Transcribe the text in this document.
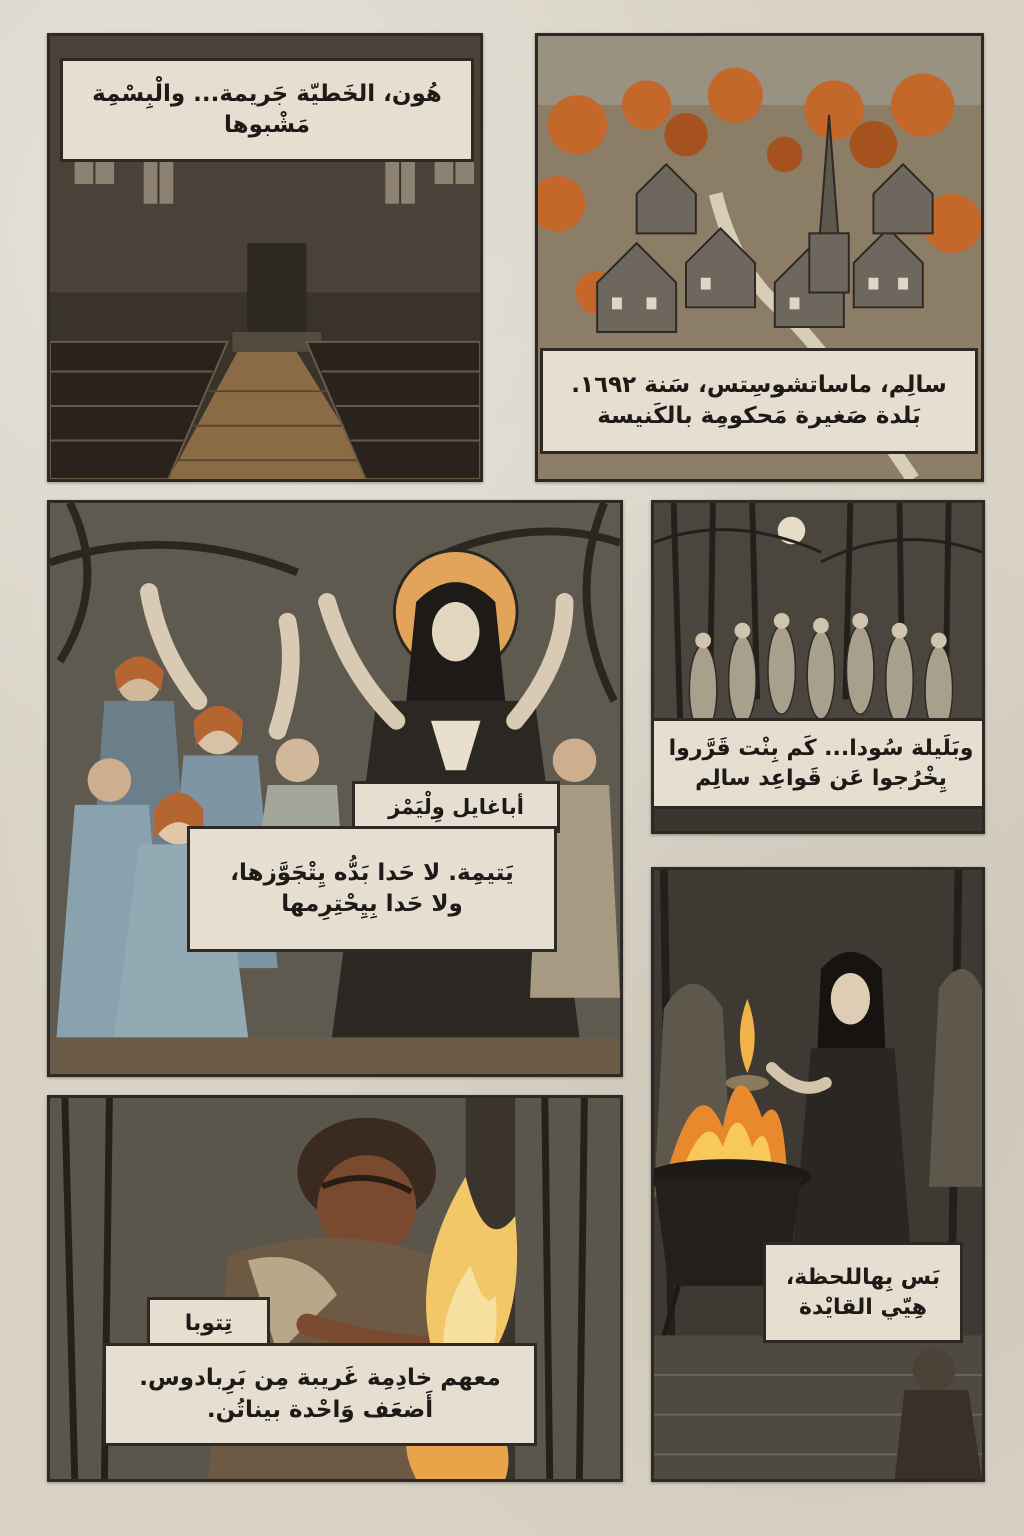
هُون، الخَطيّة جَريمة... والْبِسْمِة
مَشْبوها
سالِم، ماساتشوسِتس، سَنة ١٦٩٢.
بَلدة صَغيرة مَحكومِة بالكَنيسة
أباغايل وِلْيَمْز
يَتيمِة. لا حَدا بَدُّه يِتْجَوَّزها،
ولا حَدا بِيِحْتِرِمها
وبَلَيلة سُودا... كَم بِنْت قَرَّروا
يِخْرُجوا عَن قَواعِد سالِم
بَس بِهاللحظة،
هِيّي القايْدة
تِتوبا
معهم خادِمِة غَريبة مِن بَرِبادوس.
أَضعَف وَاحْدة بيناتُن.
